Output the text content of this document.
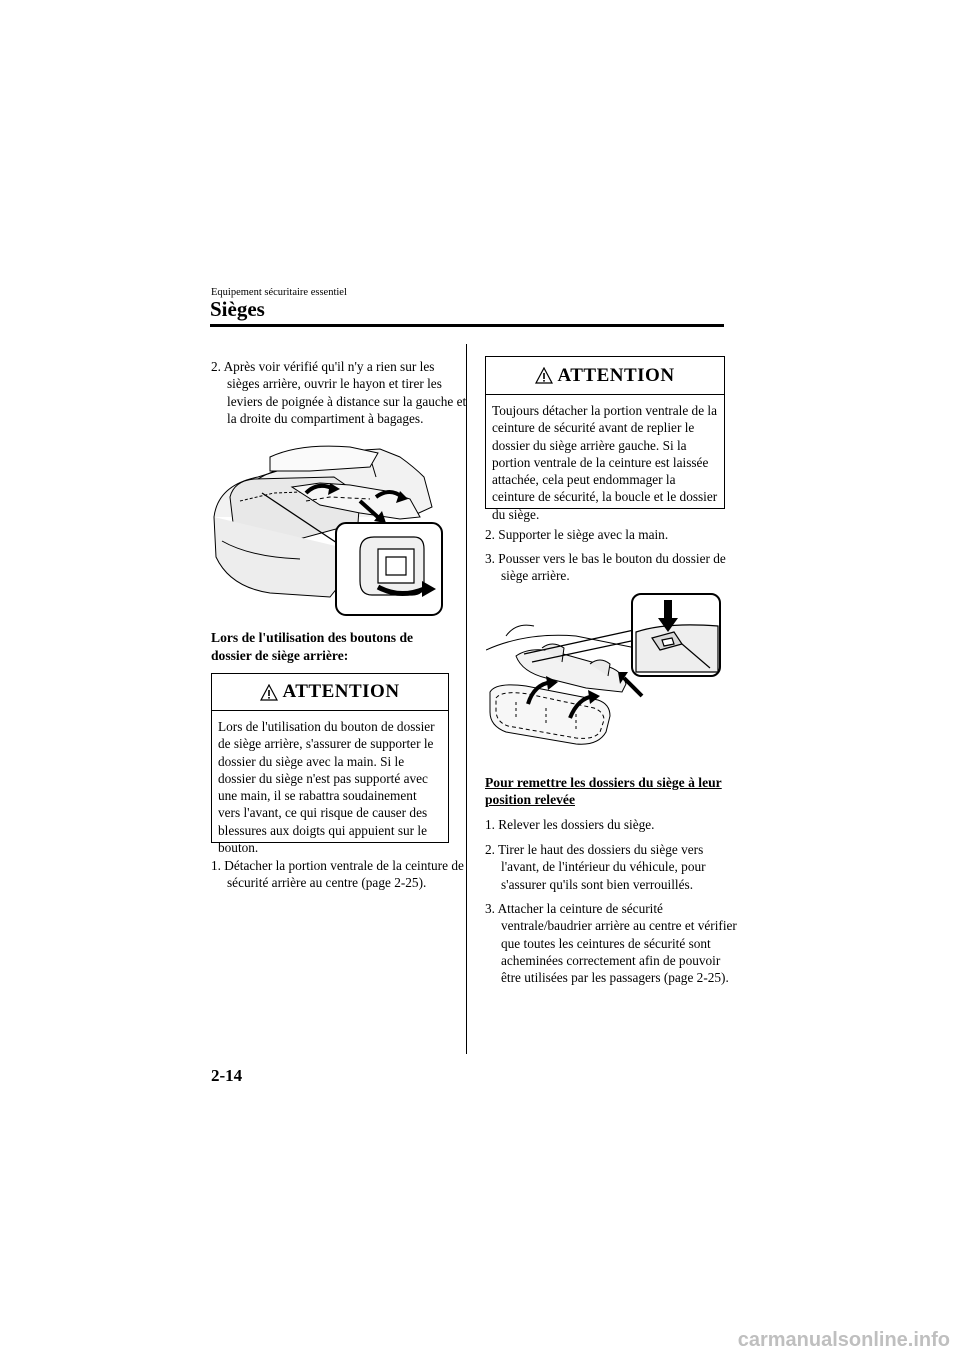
Equipement sécuritaire essentiel
Sièges
2. Après voir vérifié qu'il n'y a rien sur les sièges arrière, ouvrir le hayon et tirer les leviers de poignée à distance sur la gauche et la droite du compartiment à bagages.
Lors de l'utilisation des boutons de dossier de siège arrière:
ATTENTION
Lors de l'utilisation du bouton de dossier de siège arrière, s'assurer de supporter le dossier du siège avec la main. Si le dossier du siège n'est pas supporté avec une main, il se rabattra soudainement vers l'avant, ce qui risque de causer des blessures aux doigts qui appuient sur le bouton.
1. Détacher la portion ventrale de la ceinture de sécurité arrière au centre (page 2-25).
ATTENTION
Toujours détacher la portion ventrale de la ceinture de sécurité avant de replier le dossier du siège arrière gauche. Si la portion ventrale de la ceinture est laissée attachée, cela peut endommager la ceinture de sécurité, la boucle et le dossier du siège.
2. Supporter le siège avec la main.
3. Pousser vers le bas le bouton du dossier de siège arrière.
Pour remettre les dossiers du siège à leur position relevée
1. Relever les dossiers du siège.
2. Tirer le haut des dossiers du siège vers l'avant, de l'intérieur du véhicule, pour s'assurer qu'ils sont bien verrouillés.
3. Attacher la ceinture de sécurité ventrale/baudrier arrière au centre et vérifier que toutes les ceintures de sécurité sont acheminées correctement afin de pouvoir être utilisées par les passagers (page 2-25).
2-14
carmanualsonline.info
